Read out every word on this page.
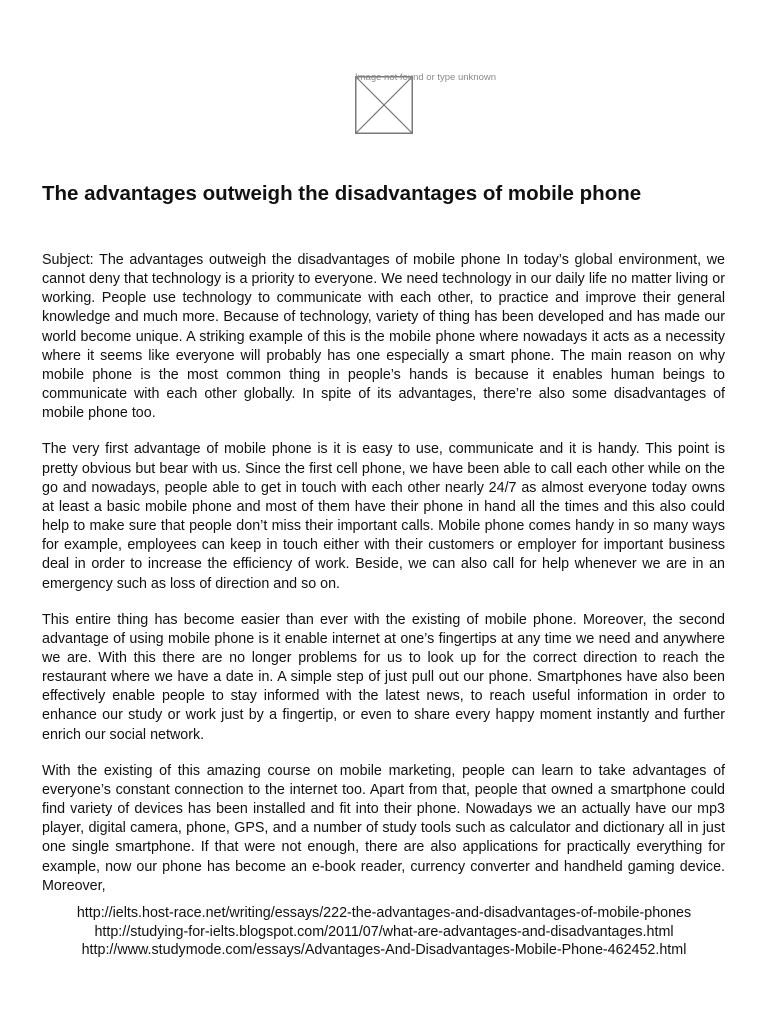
Image not found or type unknown
The advantages outweigh the disadvantages of mobile phone

Subject: The advantages outweigh the disadvantages of mobile phone In today’s global environment, we cannot deny that technology is a priority to everyone. We need technology in our daily life no matter living or working. People use technology to communicate with each other, to practice and improve their general knowledge and much more. Because of technology, variety of thing has been developed and has made our world become unique. A striking example of this is the mobile phone where nowadays it acts as a necessity where it seems like everyone will probably has one especially a smart phone. The main reason on why mobile phone is the most common thing in people’s hands is because it enables human beings to communicate with each other globally. In spite of its advantages, there’re also some disadvantages of mobile phone too.

The very first advantage of mobile phone is it is easy to use, communicate and it is handy. This point is pretty obvious but bear with us. Since the first cell phone, we have been able to call each other while on the go and nowadays, people able to get in touch with each other nearly 24/7 as almost everyone today owns at least a basic mobile phone and most of them have their phone in hand all the times and this also could help to make sure that people don’t miss their important calls. Mobile phone comes handy in so many ways for example, employees can keep in touch either with their customers or employer for important business deal in order to increase the efficiency of work. Beside, we can also call for help whenever we are in an emergency such as loss of direction and so on.

This entire thing has become easier than ever with the existing of mobile phone. Moreover, the second advantage of using mobile phone is it enable internet at one’s fingertips at any time we need and anywhere we are. With this there are no longer problems for us to look up for the correct direction to reach the restaurant where we have a date in. A simple step of just pull out our phone. Smartphones have also been effectively enable people to stay informed with the latest news, to reach useful information in order to enhance our study or work just by a fingertip, or even to share every happy moment instantly and further enrich our social network.

With the existing of this amazing course on mobile marketing, people can learn to take advantages of everyone’s constant connection to the internet too. Apart from that, people that owned a smartphone could find variety of devices has been installed and fit into their phone. Nowadays we an actually have our mp3 player, digital camera, phone, GPS, and a number of study tools such as calculator and dictionary all in just one single smartphone. If that were not enough, there are also applications for practically everything for example, now our phone has become an e-book reader, currency converter and handheld gaming device. Moreover,

http://ielts.host-race.net/writing/essays/222-the-advantages-and-disadvantages-of-mobile-phones
http://studying-for-ielts.blogspot.com/2011/07/what-are-advantages-and-disadvantages.html
http://www.studymode.com/essays/Advantages-And-Disadvantages-Mobile-Phone-462452.html
